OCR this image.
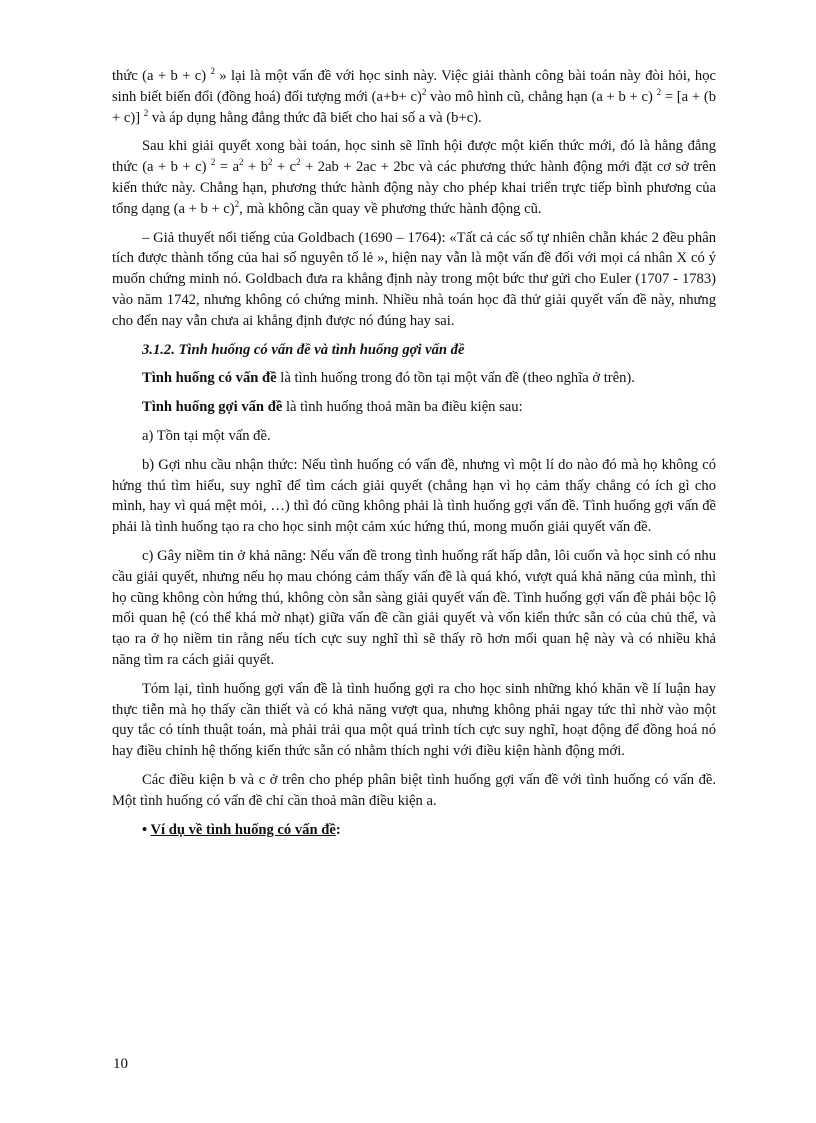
thức (a + b + c) $^2$ » lại là một vấn đề với học sinh này. Việc giải thành công bài toán này đòi hỏi, học sinh biết biến đổi (đồng hoá) đối tượng mới $(a+b+ c)^2$ vào mô hình cũ, chẳng hạn (a + b + c) $^2$ = [a + (b + c)] $^2$ và áp dụng hằng đẳng thức đã biết cho hai số a và (b+c).

Sau khi giải quyết xong bài toán, học sinh sẽ lĩnh hội được một kiến thức mới, đó là hằng đẳng thức (a + b + c) $^2 = a^2 + b^2 + c^2 + 2ab + 2ac + 2bc$ và các phương thức hành động mới đặt cơ sở trên kiến thức này. Chẳng hạn, phương thức hành động này cho phép khai triển trực tiếp bình phương của tổng dạng $(a + b + c)^2$, mà không cần quay về phương thức hành động cũ.

– Giả thuyết nổi tiếng của Goldbach (1690 – 1764): «Tất cả các số tự nhiên chẵn khác 2 đều phân tích được thành tổng của hai số nguyên tố lẻ », hiện nay vẫn là một vấn đề đối với mọi cá nhân X có ý muốn chứng minh nó. Goldbach đưa ra khẳng định này trong một bức thư gửi cho Euler (1707 - 1783) vào năm 1742, nhưng không có chứng minh. Nhiều nhà toán học đã thử giải quyết vấn đề này, nhưng cho đến nay vẫn chưa ai khẳng định được nó đúng hay sai.

3.1.2. Tình huống có vấn đề và tình huống gợi vấn đề

Tình huống có vấn đề là tình huống trong đó tồn tại một vấn đề (theo nghĩa ở trên).

Tình huống gợi vấn đề là tình huống thoả mãn ba điều kiện sau:

a) Tồn tại một vấn đề.

b) Gợi nhu cầu nhận thức: Nếu tình huống có vấn đề, nhưng vì một lí do nào đó mà họ không có hứng thú tìm hiểu, suy nghĩ để tìm cách giải quyết (chẳng hạn vì họ cảm thấy chẳng có ích gì cho mình, hay vì quá mệt mỏi, …) thì đó cũng không phải là tình huống gợi vấn đề. Tình huống gợi vấn đề phải là tình huống tạo ra cho học sinh một cảm xúc hứng thú, mong muốn giải quyết vấn đề.

c) Gây niềm tin ở khả năng: Nếu vấn đề trong tình huống rất hấp dẫn, lôi cuốn và học sinh có nhu cầu giải quyết, nhưng nếu họ mau chóng cảm thấy vấn đề là quá khó, vượt quá khả năng của mình, thì họ cũng không còn hứng thú, không còn sẵn sàng giải quyết vấn đề. Tình huống gợi vấn đề phải bộc lộ mối quan hệ (có thể khá mờ nhạt) giữa vấn đề cần giải quyết và vốn kiến thức sẵn có của chủ thể, và tạo ra ở họ niềm tin rằng nếu tích cực suy nghĩ thì sẽ thấy rõ hơn mối quan hệ này và có nhiều khả năng tìm ra cách giải quyết.

Tóm lại, tình huống gợi vấn đề là tình huống gợi ra cho học sinh những khó khăn về lí luận hay thực tiễn mà họ thấy cần thiết và có khả năng vượt qua, nhưng không phải ngay tức thì nhờ vào một quy tắc có tính thuật toán, mà phải trải qua một quá trình tích cực suy nghĩ, hoạt động để đồng hoá nó hay điều chỉnh hệ thống kiến thức sẵn có nhằm thích nghi với điều kiện hành động mới.

Các điều kiện b và c ở trên cho phép phân biệt tình huống gợi vấn đề với tình huống có vấn đề. Một tình huống có vấn đề chỉ cần thoả mãn điều kiện a.

• Ví dụ về tình huống có vấn đề:

10
